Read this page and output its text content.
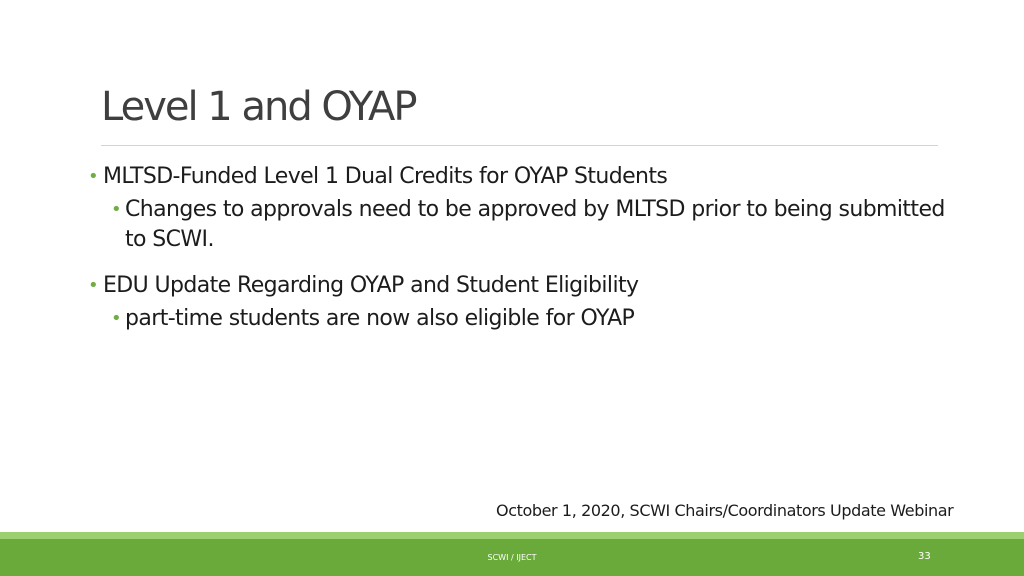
Level 1 and OYAP

• MLTSD-Funded Level 1 Dual Credits for OYAP Students

• Changes to approvals need to be approved by MLTSD prior to being submitted to SCWI.

• EDU Update Regarding OYAP and Student Eligibility

• part-time students are now also eligible for OYAP

October 1, 2020, SCWI Chairs/Coordinators Update Webinar
SCWI / IJECT	33
